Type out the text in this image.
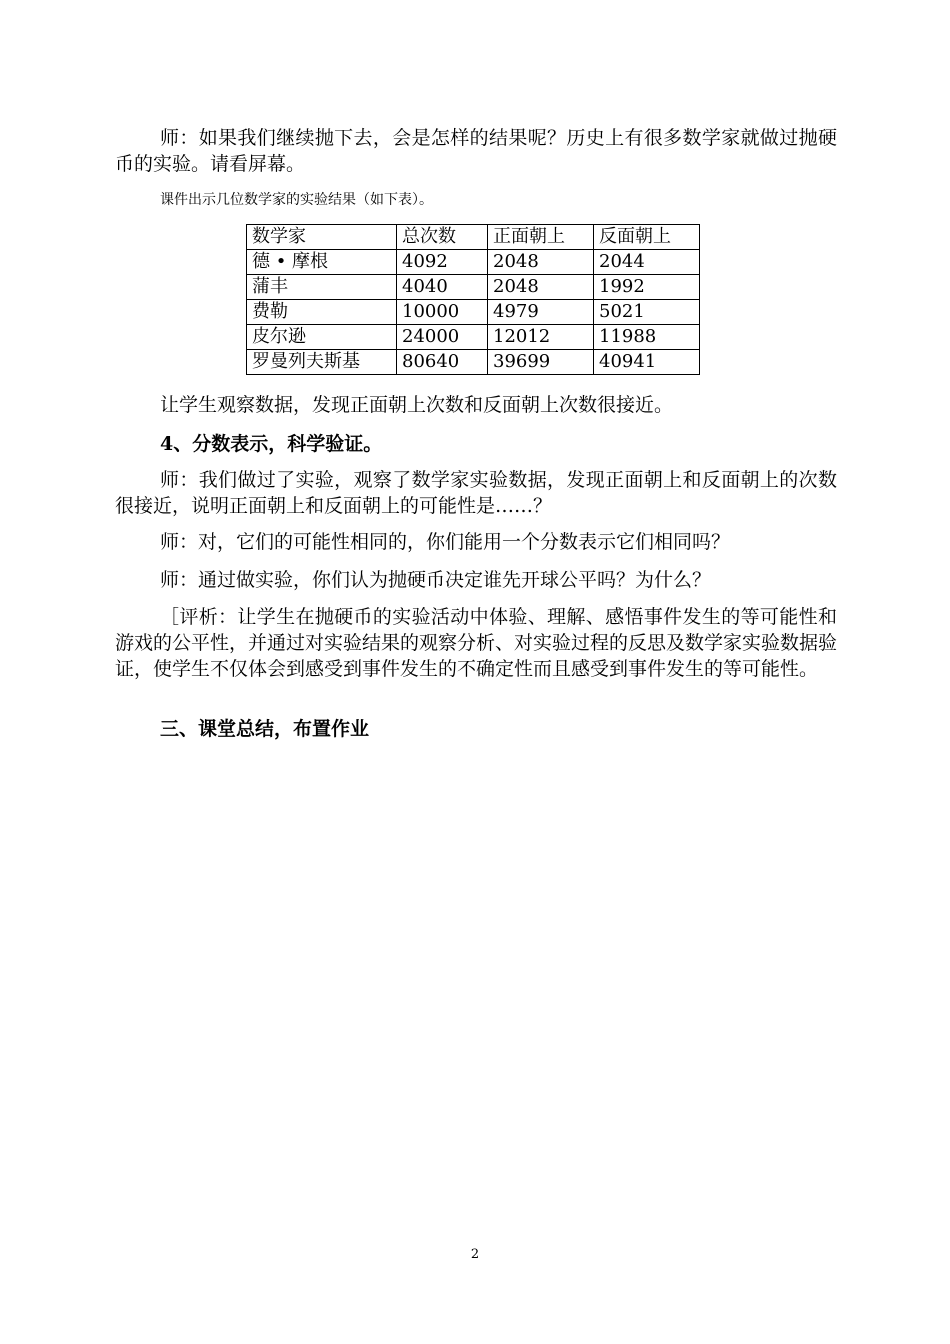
师：如果我们继续抛下去，会是怎样的结果呢？历史上有很多数学家就做过抛硬币的实验。请看屏幕。

课件出示几位数学家的实验结果（如下表）。

数学家	总次数	正面朝上	反面朝上
德 • 摩根	4092	2048	2044
蒲丰	4040	2048	1992
费勒	10000	4979	5021
皮尔逊	24000	12012	11988
罗曼列夫斯基	80640	39699	40941

让学生观察数据，发现正面朝上次数和反面朝上次数很接近。

4、分数表示，科学验证。

师：我们做过了实验，观察了数学家实验数据，发现正面朝上和反面朝上的次数很接近，说明正面朝上和反面朝上的可能性是……？

师：对，它们的可能性相同的，你们能用一个分数表示它们相同吗？

师：通过做实验，你们认为抛硬币决定谁先开球公平吗？为什么？

［评析：让学生在抛硬币的实验活动中体验、理解、感悟事件发生的等可能性和游戏的公平性，并通过对实验结果的观察分析、对实验过程的反思及数学家实验数据验证，使学生不仅体会到感受到事件发生的不确定性而且感受到事件发生的等可能性。

三、课堂总结，布置作业

2
